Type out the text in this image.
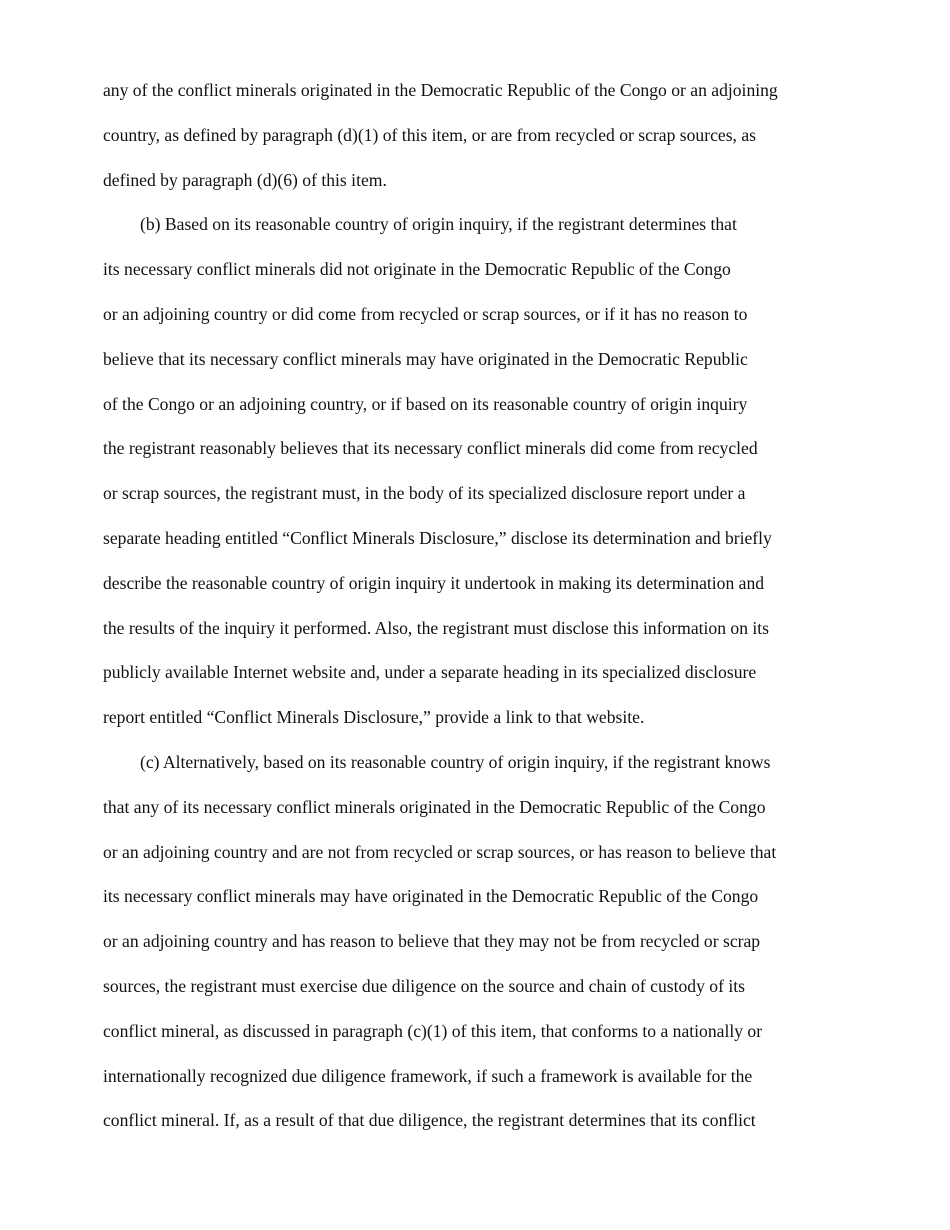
any of the conflict minerals originated in the Democratic Republic of the Congo or an adjoining
country, as defined by paragraph (d)(1) of this item, or are from recycled or scrap sources, as
defined by paragraph (d)(6) of this item.
(b) Based on its reasonable country of origin inquiry, if the registrant determines that
its necessary conflict minerals did not originate in the Democratic Republic of the Congo
or an adjoining country or did come from recycled or scrap sources, or if it has no reason to
believe that its necessary conflict minerals may have originated in the Democratic Republic
of the Congo or an adjoining country, or if based on its reasonable country of origin inquiry
the registrant reasonably believes that its necessary conflict minerals did come from recycled
or scrap sources, the registrant must, in the body of its specialized disclosure report under a
separate heading entitled “Conflict Minerals Disclosure,” disclose its determination and briefly
describe the reasonable country of origin inquiry it undertook in making its determination and
the results of the inquiry it performed. Also, the registrant must disclose this information on its
publicly available Internet website and, under a separate heading in its specialized disclosure
report entitled “Conflict Minerals Disclosure,” provide a link to that website.
(c) Alternatively, based on its reasonable country of origin inquiry, if the registrant knows
that any of its necessary conflict minerals originated in the Democratic Republic of the Congo
or an adjoining country and are not from recycled or scrap sources, or has reason to believe that
its necessary conflict minerals may have originated in the Democratic Republic of the Congo
or an adjoining country and has reason to believe that they may not be from recycled or scrap
sources, the registrant must exercise due diligence on the source and chain of custody of its
conflict mineral, as discussed in paragraph (c)(1) of this item, that conforms to a nationally or
internationally recognized due diligence framework, if such a framework is available for the
conflict mineral. If, as a result of that due diligence, the registrant determines that its conflict
